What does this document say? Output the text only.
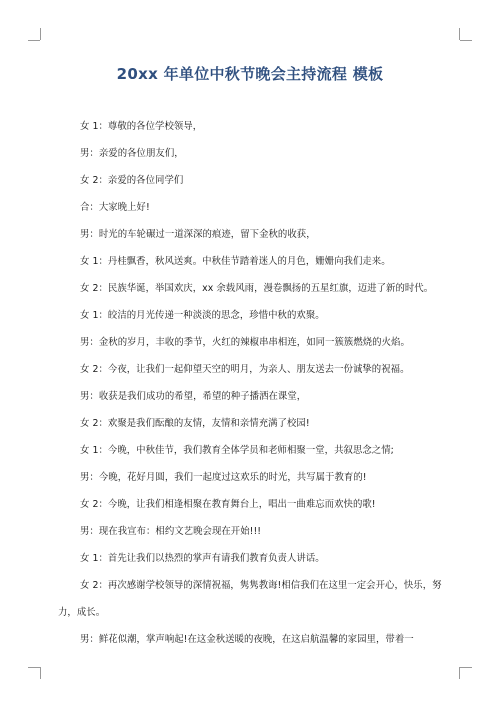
20xx 年单位中秋节晚会主持流程 模板

女 1：尊敬的各位学校领导，

男：亲爱的各位朋友们，

女 2：亲爱的各位同学们

合：大家晚上好!

男：时光的车轮碾过一道深深的痕迹，留下金秋的收获，

女 1：丹桂飘香，秋风送爽。中秋佳节踏着迷人的月色，姗姗向我们走来。

女 2：民族华诞，举国欢庆，xx 余载风雨，漫卷飘扬的五星红旗，迈进了新的时代。

女 1：皎洁的月光传递一种淡淡的思念，珍惜中秋的欢聚。

男：金秋的岁月，丰收的季节，火红的辣椒串串相连，如同一簇簇燃烧的火焰。

女 2：今夜，让我们一起仰望天空的明月，为亲人、朋友送去一份诚挚的祝福。

男：收获是我们成功的希望，希望的种子播洒在课堂，

女 2：欢聚是我们酝酿的友情，友情和亲情充满了校园!

女 1：今晚，中秋佳节，我们教育全体学员和老师相聚一堂，共叙思念之情;

男：今晚，花好月圆，我们一起度过这欢乐的时光，共写属于教育的!

女 2：今晚，让我们相逢相聚在教育舞台上，唱出一曲难忘而欢快的歌!

男：现在我宣布：相约文艺晚会现在开始!!!

女 1：首先让我们以热烈的掌声有请我们教育负责人讲话。

女 2：再次感谢学校领导的深情祝福，隽隽教诲!相信我们在这里一定会开心，快乐，努力，成长。

男：鲜花似潮，掌声响起!在这金秋送暖的夜晚，在这启航温馨的家园里，带着一
